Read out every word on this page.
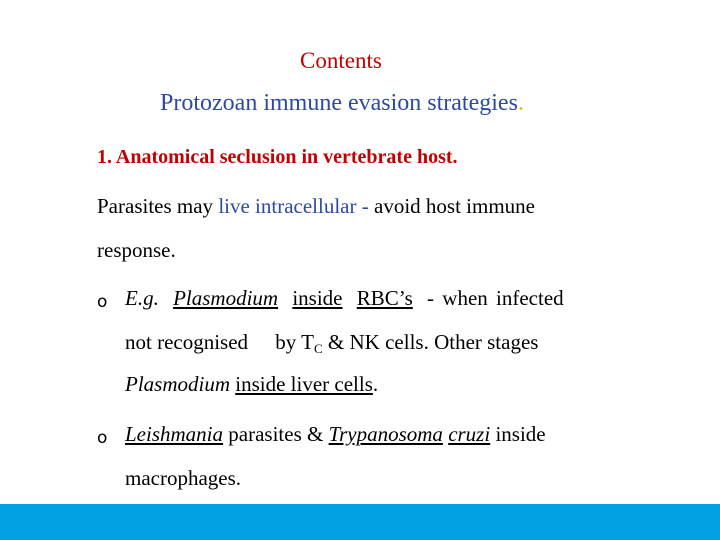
Contents
Protozoan immune evasion strategies.
1. Anatomical seclusion in vertebrate host.
Parasites may live intracellular - avoid host immune
response.
o E.g. Plasmodium inside RBC’s - when infected
not recognised by $T_C$ & NK cells. Other stages
Plasmodium inside liver cells.
o Leishmania parasites & Trypanosoma cruzi inside
macrophages.
